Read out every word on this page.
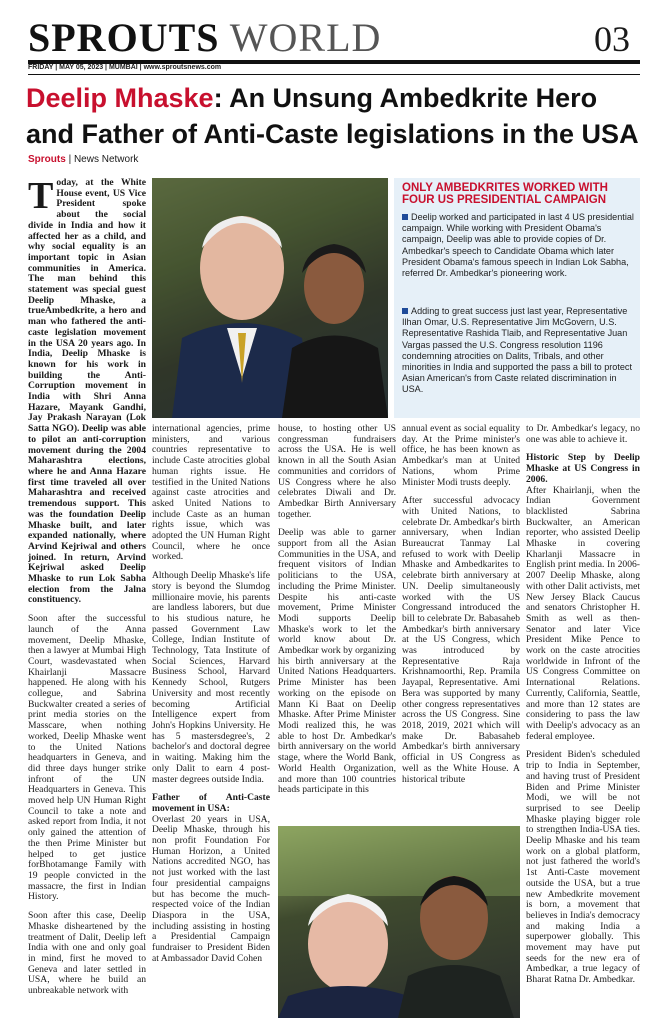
SPROUTS WORLD	03
FRIDAY | MAY 05, 2023 | MUMBAI | www.sproutsnews.com
Deelip Mhaske: An Unsung Ambedkrite Hero and Father of Anti-Caste legislations in the USA
Sprouts | News Network

Today, at the White House event, US Vice President spoke about the social divide in India and how it affected her as a child, and why social equality is an important topic in Asian communities in America. The man behind this statement was special guest Deelip Mhaske, a trueAmbedkrite, a hero and man who fathered the anti-caste legislation movement in the USA 20 years ago. In India, Deelip Mhaske is known for his work in building the Anti-Corruption movement in India with Shri Anna Hazare, Mayank Gandhi, Jay Prakash Narayan (Lok Satta NGO). Deelip was able to pilot an anti-corruption movement during the 2004 Maharashtra elections, where he and Anna Hazare first time traveled all over Maharashtra and received tremendous support. This was the foundation Deelip Mhaske built, and later expanded nationally, where Arvind Kejriwal and others joined. In return, Arvind Kejriwal asked Deelip Mhaske to run Lok Sabha election from the Jalna constituency.

Soon after the successful launch of the Anna movement, Deelip Mhaske, then a lawyer at Mumbai High Court, wasdevastated when Khairlanji Massacre happened. He along with his collegue, and Sabrina Buckwalter created a series of print media stories on the Masscare, when nothing worked, Deelip Mhaske went to the United Nations headquarters in Geneva, and did three days hunger strike infront of the UN Headquarters in Geneva. This moved help UN Human Right Council to take a note and asked report from India, it not only gained the attention of the then Prime Minister but helped to get justice forBhotamange Family with 19 people convicted in the massacre, the first in Indian History.

Soon after this case, Deelip Mhaske disheartened by the treatment of Dalit, Deelip left India with one and only goal in mind, first he moved to Geneva and later settled in USA, where he build an unbreakable network with

ONLY AMBEDKRITES WORKED WITH FOUR US PRESIDENTIAL CAMPAIGN
Deelip worked and participated in last 4 US presidential campaign. While working with President Obama's campaign, Deelip was able to provide copies of Dr. Ambedkar's speech to Candidate Obama which later President Obama's famous speech in Indian Lok Sabha, referred Dr. Ambedkar's pioneering work.
Adding to great success just last year, Representative Ilhan Omar, U.S. Representative Jim McGovern, U.S. Representative Rashida Tlaib, and Representative Juan Vargas passed the U.S. Congress resolution 1196 condemning atrocities on Dalits, Tribals, and other minorities in India and supported the pass a bill to protect Asian American's from Caste related discrimination in USA.

international agencies, prime ministers, and various countries representative to include Caste atrocities global human rights issue. He testified in the United Nations against caste atrocities and asked United Nations to include Caste as an human rights issue, which was adopted the UN Human Right Council, where he once worked.

Although Deelip Mhaske's life story is beyond the Slumdog millionaire movie, his parents are landless laborers, but due to his studious nature, he passed Government Law College, Indian Institute of Technology, Tata Institute of Social Sciences, Harvard Business School, Harvard Kennedy School, Rutgers University and most recently becoming Artificial Intelligence expert from John's Hopkins University. He has 5 mastersdegree's, 2 bachelor's and doctoral degree in waiting. Making him the only Dalit to earn 4 post-master degrees outside India.

Father of Anti-Caste movement in USA:

Overlast 20 years in USA, Deelip Mhaske, through his non profit Foundation For Human Horizon, a United Nations accredited NGO, has not just worked with the last four presidential campaigns but has become the much-respected voice of the Indian Diaspora in the USA, including assisting in hosting a Presidential Campaign fundraiser to President Biden at Ambassador David Cohen

house, to hosting other US congressman fundraisers across the USA. He is well known in all the South Asian communities and corridors of US Congress where he also celebrates Diwali and Dr. Ambedkar Birth Anniversary together.

Deelip was able to garner support from all the Asian Communities in the USA, and frequent visitors of Indian politicians to the USA, including the Prime Minister. Despite his anti-caste movement, Prime Minister Modi supports Deelip Mhaske's work to let the world know about Dr. Ambedkar work by organizing his birth anniversary at the United Nations Headquarters. Prime Minister has been working on the episode on Mann Ki Baat on Deelip Mhaske. After Prime Minister Modi realized this, he was able to host Dr. Ambedkar's birth anniversary on the world stage, where the World Bank, World Health Organization, and more than 100 countries heads participate in this

annual event as social equality day. At the Prime minister's office, he has been known as Ambedkar's man at United Nations, whom Prime Minister Modi trusts deeply.

After successful advocacy with United Nations, to celebrate Dr. Ambedkar's birth anniversary, when Indian Bureaucrat Tanmay Lal refused to work with Deelip Mhaske and Ambedkarites to celebrate birth anniversary at UN. Deelip simultaneously worked with the US Congressand introduced the bill to celebrate Dr. Babasaheb Ambedkar's birth anniversary at the US Congress, which was introduced by Representative Raja Krishnamoorthi, Rep. Pramila Jayapal, Representative. Ami Bera was supported by many other congress representatives across the US Congress. Sine 2018, 2019, 2021 which will make Dr. Babasaheb Ambedkar's birth anniversary official in US Congress as well as the White House. A historical tribute

to Dr. Ambedkar's legacy, no one was able to achieve it.

Historic Step by Deelip Mhaske at US Congress in 2006.

After Khairlanji, when the Indian Government blacklisted Sabrina Buckwalter, an American reporter, who assisted Deelip Mhaske in covering Kharlanji Massacre in English print media. In 2006-2007 Deelip Mhaske, along with other Dalit activists, met New Jersey Black Caucus and senators Christopher H. Smith as well as then-Senator and later Vice President Mike Pence to work on the caste atrocities worldwide in Infront of the US Congress Committee on International Relations. Currently, California, Seattle, and more than 12 states are considering to pass the law with Deelip's advocacy as an federal employee.

President Biden's scheduled trip to India in September, and having trust of President Biden and Prime Minister Modi, we will be not surprised to see Deelip Mhaske playing bigger role to strengthen India-USA ties. Deelip Mhaske and his team work on a global platform, not just fathered the world's 1st Anti-Caste movement outside the USA, but a true new Ambedkrite movement is born, a movement that believes in India's democracy and making India a superpower globally. This movement may have put seeds for the new era of Ambedkar, a true legacy of Bharat Ratna Dr. Ambedkar.
